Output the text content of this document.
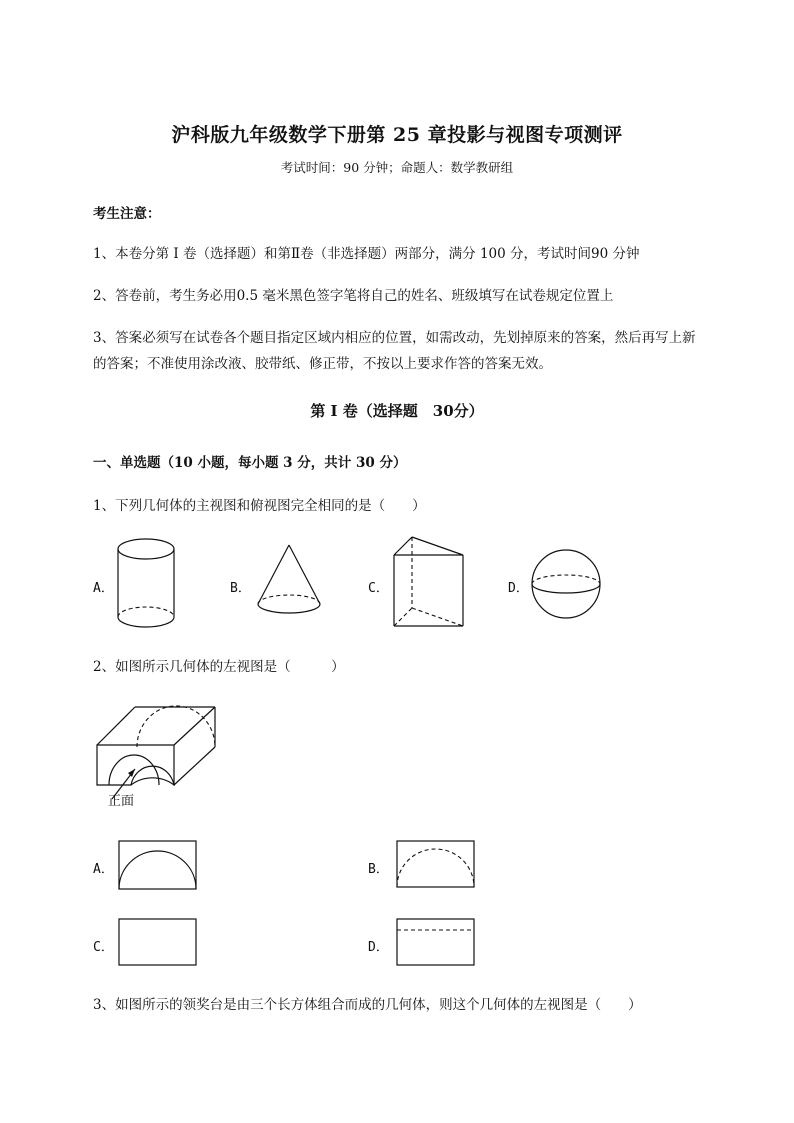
沪科版九年级数学下册第 25 章投影与视图专项测评
考试时间：90 分钟；命题人：数学教研组
考生注意：
1、本卷分第 I 卷（选择题）和第Ⅱ卷（非选择题）两部分，满分 100 分，考试时间90 分钟
2、答卷前，考生务必用0.5 毫米黑色签字笔将自己的姓名、班级填写在试卷规定位置上
3、答案必须写在试卷各个题目指定区域内相应的位置，如需改动，先划掉原来的答案，然后再写上新
的答案；不准使用涂改液、胶带纸、修正带，不按以上要求作答的答案无效。
第 I 卷（选择题　30分）
一、单选题（10 小题，每小题 3 分，共计 30 分）
1、下列几何体的主视图和俯视图完全相同的是（　　）
A．	B．	C．	D．
2、如图所示几何体的左视图是（　　　）
正面
A．	B．
C．	D．
3、如图所示的领奖台是由三个长方体组合而成的几何体，则这个几何体的左视图是（　　）
